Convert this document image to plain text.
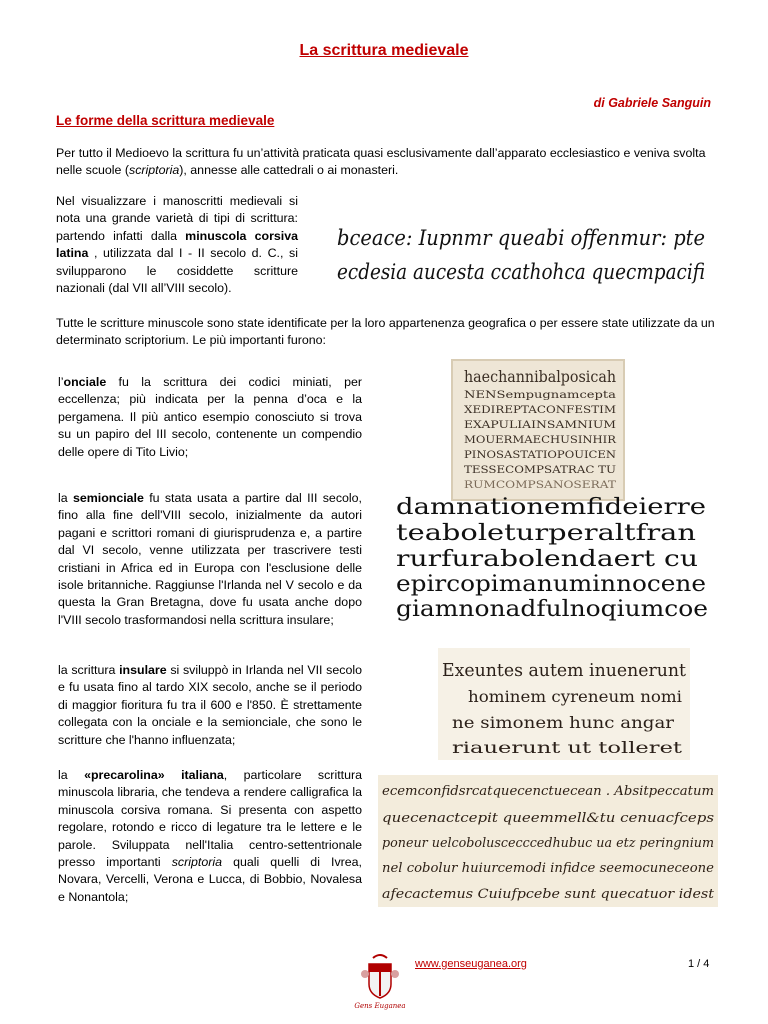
La scrittura medievale
di Gabriele Sanguin
Le forme della scrittura medievale
Per tutto il Medioevo la scrittura fu un’attività praticata quasi esclusivamente dall’apparato ecclesiastico e veniva svolta nelle scuole (scriptoria), annesse alle cattedrali o ai monasteri.
Nel visualizzare i manoscritti medievali si nota una grande varietà di tipi di scrittura: partendo infatti dalla minuscola corsiva latina , utilizzata dal I - II secolo d. C., si svilupparono le cosiddette scritture nazionali (dal VII all’VIII secolo).
bceace: Iupnmr queabi offenmur: pte
ecdesia aucesta ccathohca quecmpacifi
Tutte le scritture minuscole sono state identificate per la loro appartenenza geografica o per essere state utilizzate da un determinato scriptorium. Le più importanti furono:
l’onciale fu la scrittura dei codici miniati, per eccellenza; più indicata per la penna d’oca e la pergamena. Il più antico esempio conosciuto si trova su un papiro del III secolo, contenente un compendio delle opere di Tito Livio;
haechannibalposicah
NENSempugnamcepta
XEDIREPTACONFESTIM
EXAPULIAINSAMNIUM
MOUERMAECHUSINHIR
PINOSASTATIOPOUICEN
TESSECOMPSATRAC TU
RUMCOMPSANOSERAT
la semionciale fu stata usata a partire dal III secolo, fino alla fine dell'VIII secolo, inizialmente da autori pagani e scrittori romani di giurisprudenza e, a partire dal VI secolo, venne utilizzata per trascrivere testi cristiani in Africa ed in Europa con l'esclusione delle isole britanniche. Raggiunse l'Irlanda nel V secolo e da questa la Gran Bretagna, dove fu usata anche dopo l'VIII secolo trasformandosi nella scrittura insulare;
damnationemfideierre
teaboleturperaltfran
rurfurabolendaert cu
epircopimanuminnocene
giamnonadfulnoqiumcoe
la scrittura insulare si sviluppò in Irlanda nel VII secolo e fu usata fino al tardo XIX secolo, anche se il periodo di maggior fioritura fu tra il 600 e l'850. È strettamente collegata con la onciale e la semionciale, che sono le scritture che l'hanno influenzata;
Exeuntes autem inuenerunt
hominem cyreneum nomi
ne simonem hunc angar
riauerunt ut tolleret
la «precarolina» italiana, particolare scrittura minuscola libraria, che tendeva a rendere calligrafica la minuscola corsiva romana. Si presenta con aspetto regolare, rotondo e ricco di legature tra le lettere e le parole. Sviluppata nell'Italia centro-settentrionale presso importanti scriptoria quali quelli di Ivrea, Novara, Vercelli, Verona e Lucca, di Bobbio, Novalesa e Nonantola;
ecemconfidsrcatquecenctuecean . Absitpeccatum
quecenactcepit queemmell&tu cenuacfceps
poneur uelcoboluscecccedhubuc ua etz peringnium
nel cobolur huiurcemodi infidce seemocuneceone
afecactemus Cuiufpcebe sunt quecatuor idest
Gens Euganea
www.genseuganea.org	1 / 4
